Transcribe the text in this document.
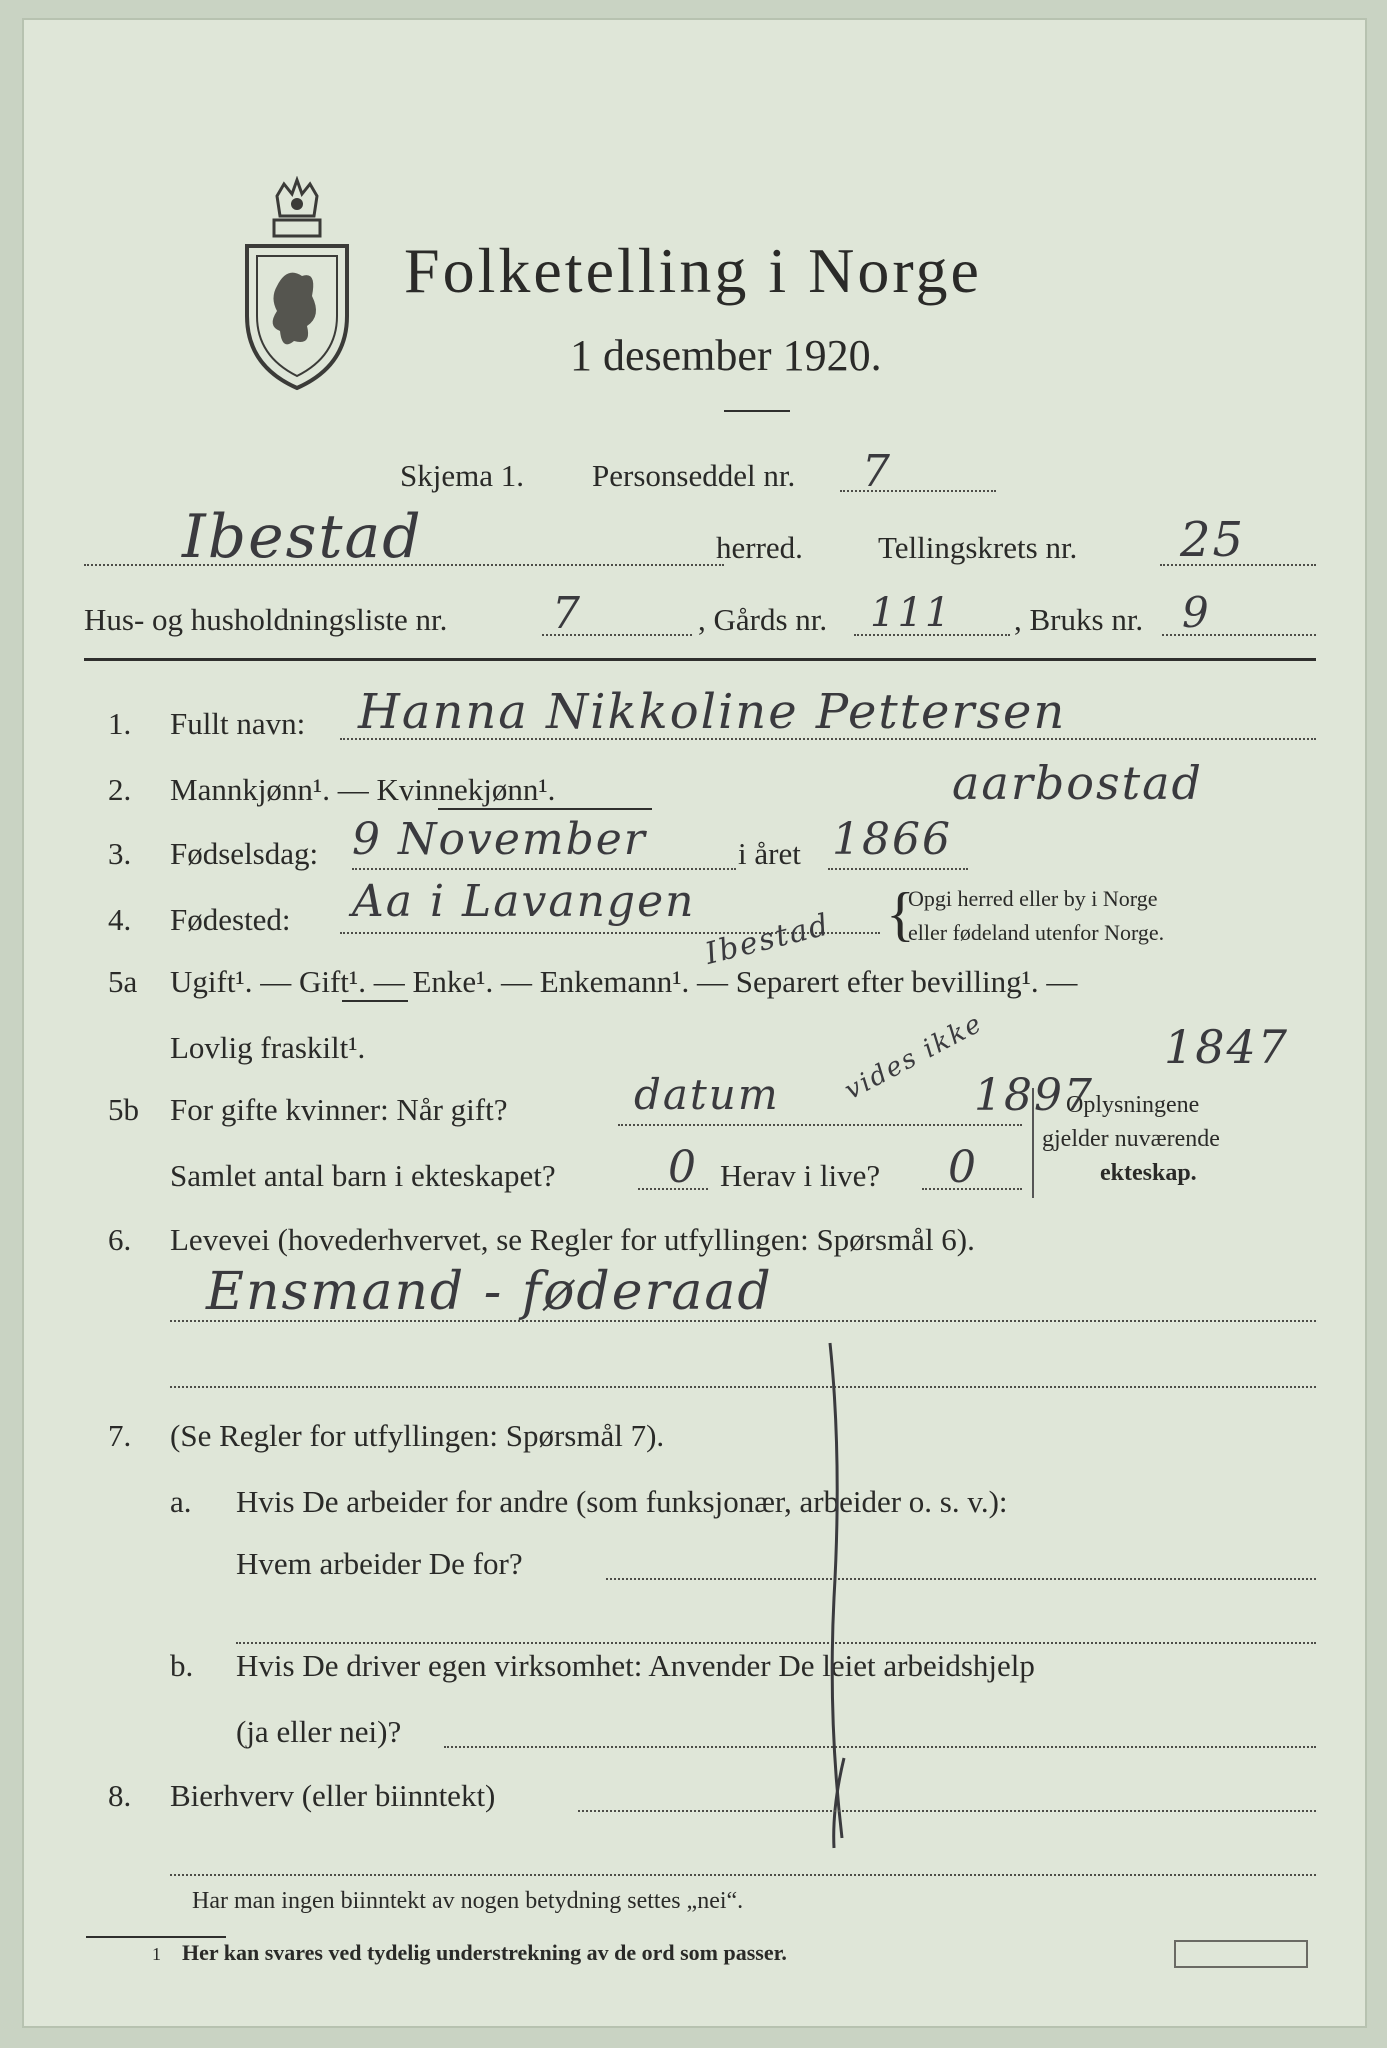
Folketelling i Norge
1 desember 1920.
Skjema 1. Personseddel nr. 7
Ibestad	herred. Tellingskrets nr. 25
Hus- og husholdningsliste nr. 7	, Gårds nr. 111 , Bruks nr. 9
1. Fullt navn: Hanna Nikkoline Pettersen
aarbostad
2. Mannkjønn¹. — Kvinnekjønn¹.
3. Fødselsdag: 9 November	i året 1866
4. Fødested: Aa i Lavangen	{
Opgi herred eller by i Norge
eller fødeland utenfor Norge.
5a Ugift¹. — Gift¹. — Enke¹. — Enkemann¹. — Separert efter bevilling¹. —
Ibestad
Lovlig fraskilt¹.	vides ikke	1847
5b For gifte kvinner: Når gift?	datum	1897
Samlet antal barn i ekteskapet?	0 Herav i live? 0
Oplysningene
gjelder nuværende
ekteskap.
6. Levevei (hovederhvervet, se Regler for utfyllingen: Spørsmål 6).
Ensmand - føderaad
7. (Se Regler for utfyllingen: Spørsmål 7).
a. Hvis De arbeider for andre (som funksjonær, arbeider o. s. v.):
Hvem arbeider De for?
b. Hvis De driver egen virksomhet: Anvender De leiet arbeidshjelp
(ja eller nei)?
8. Bierhverv (eller biinntekt)
Har man ingen biinntekt av nogen betydning settes „nei“.
1 Her kan svares ved tydelig understrekning av de ord som passer.
